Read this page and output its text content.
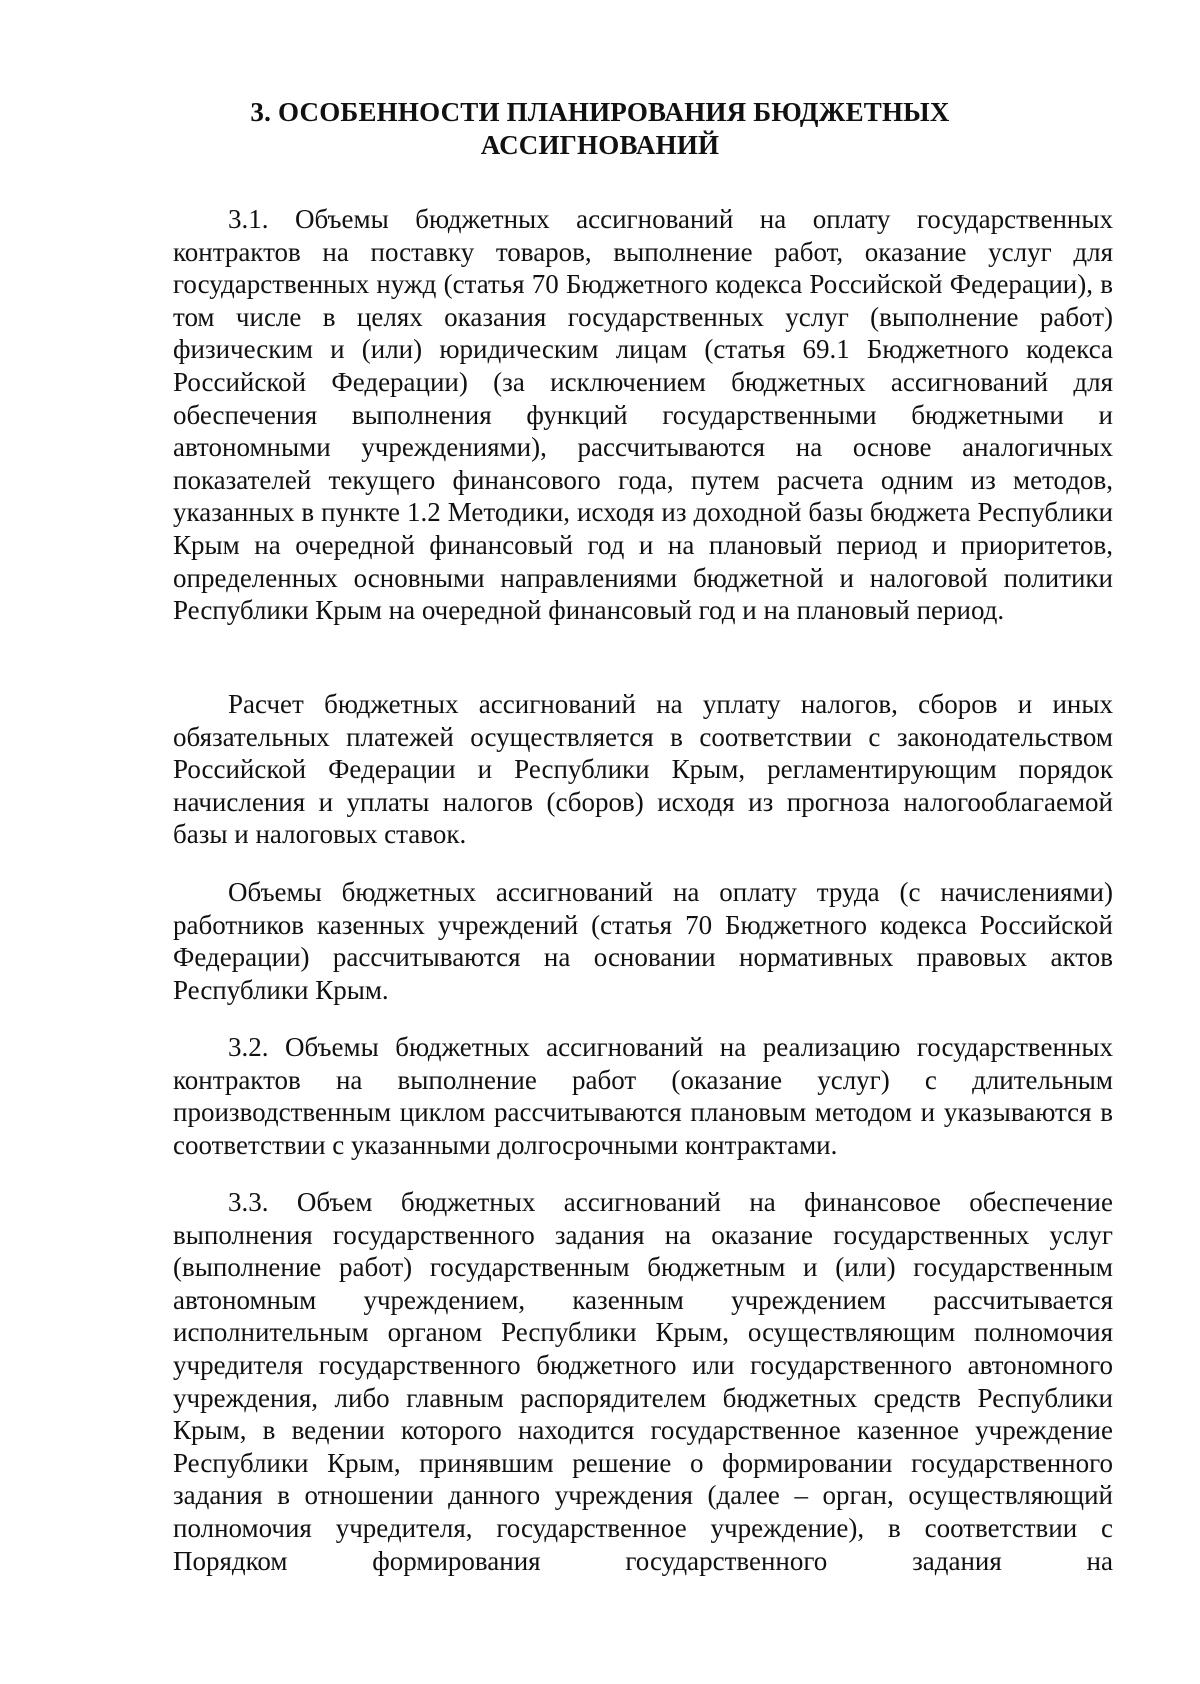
3. ОСОБЕННОСТИ ПЛАНИРОВАНИЯ БЮДЖЕТНЫХ
АССИГНОВАНИЙ

3.1. Объемы бюджетных ассигнований на оплату государственных контрактов на поставку товаров, выполнение работ, оказание услуг для государственных нужд (статья 70 Бюджетного кодекса Российской Федерации), в том числе в целях оказания государственных услуг (выполнение работ) физическим и (или) юридическим лицам (статья 69.1 Бюджетного кодекса Российской Федерации) (за исключением бюджетных ассигнований для обеспечения выполнения функций государственными бюджетными и автономными учреждениями), рассчитываются на основе аналогичных показателей текущего финансового года, путем расчета одним из методов, указанных в пункте 1.2 Методики, исходя из доходной базы бюджета Республики Крым на очередной финансовый год и на плановый период и приоритетов, определенных основными направлениями бюджетной и налоговой политики Республики Крым на очередной финансовый год и на плановый период.

Расчет бюджетных ассигнований на уплату налогов, сборов и иных обязательных платежей осуществляется в соответствии с законодательством Российской Федерации и Республики Крым, регламентирующим порядок начисления и уплаты налогов (сборов) исходя из прогноза налогооблагаемой базы и налоговых ставок.

Объемы бюджетных ассигнований на оплату труда (с начислениями) работников казенных учреждений (статья 70 Бюджетного кодекса Российской Федерации) рассчитываются на основании нормативных правовых актов Республики Крым.

3.2. Объемы бюджетных ассигнований на реализацию государственных контрактов на выполнение работ (оказание услуг) с длительным производственным циклом рассчитываются плановым методом и указываются в соответствии с указанными долгосрочными контрактами.

3.3. Объем бюджетных ассигнований на финансовое обеспечение выполнения государственного задания на оказание государственных услуг (выполнение работ) государственным бюджетным и (или) государственным автономным учреждением, казенным учреждением рассчитывается исполнительным органом Республики Крым, осуществляющим полномочия учредителя государственного бюджетного или государственного автономного учреждения, либо главным распорядителем бюджетных средств Республики Крым, в ведении которого находится государственное казенное учреждение Республики Крым, принявшим решение о формировании государственного задания в отношении данного учреждения (далее – орган, осуществляющий полномочия учредителя, государственное учреждение), в соответствии с Порядком формирования государственного задания на
